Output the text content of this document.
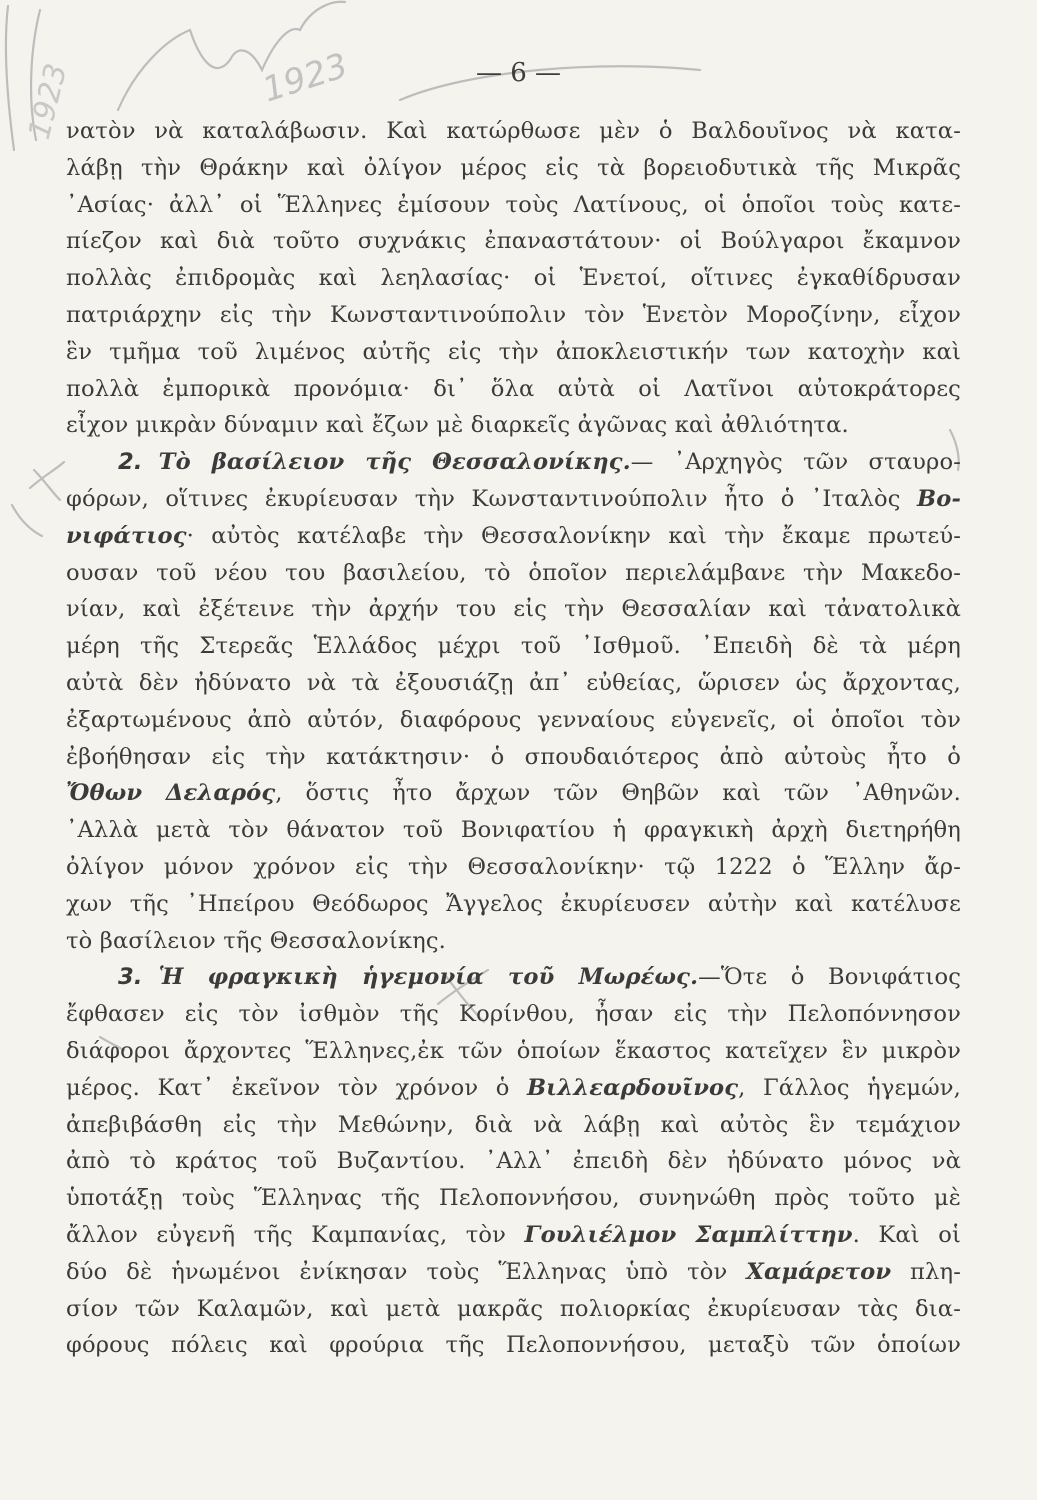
1923
1923	— 6 —
νατὸν νὰ καταλάβωσιν. Καὶ κατώρθωσε μὲν ὁ Βαλδουῖνος νὰ κατα-
λάβῃ τὴν Θράκην καὶ ὀλίγον μέρος εἰς τὰ βορειοδυτικὰ τῆς Μικρᾶς
᾿Ασίας· ἀλλ᾿ οἱ Ἕλληνες ἐμίσουν τοὺς Λατίνους, οἱ ὁποῖοι τοὺς κατε-
πίεζον καὶ διὰ τοῦτο συχνάκις ἐπαναστάτουν· οἱ Βούλγαροι ἔκαμνον
πολλὰς ἐπιδρομὰς καὶ λεηλασίας· οἱ Ἑνετοί, οἵτινες ἐγκαθίδρυσαν
πατριάρχην εἰς τὴν Κωνσταντινούπολιν τὸν Ἑνετὸν Μοροζίνην, εἶχον
ἓν τμῆμα τοῦ λιμένος αὐτῆς εἰς τὴν ἀποκλειστικήν των κατοχὴν καὶ
πολλὰ ἐμπορικὰ προνόμια· δι᾿ ὅλα αὐτὰ οἱ Λατῖνοι αὐτοκράτορες
εἶχον μικρὰν δύναμιν καὶ ἔζων μὲ διαρκεῖς ἀγῶνας καὶ ἀθλιότητα.
2. Τὸ βασίλειον τῆς Θεσσαλονίκης.— ᾿Αρχηγὸς τῶν σταυρο-
φόρων, οἵτινες ἐκυρίευσαν τὴν Κωνσταντινούπολιν ἦτο ὁ ᾿Ιταλὸς Βο-
νιφάτιος· αὐτὸς κατέλαβε τὴν Θεσσαλονίκην καὶ τὴν ἔκαμε πρωτεύ-
ουσαν τοῦ νέου του βασιλείου, τὸ ὁποῖον περιελάμβανε τὴν Μακεδο-
νίαν, καὶ ἐξέτεινε τὴν ἀρχήν του εἰς τὴν Θεσσαλίαν καὶ τἀνατολικὰ
μέρη τῆς Στερεᾶς Ἑλλάδος μέχρι τοῦ ᾿Ισθμοῦ. ᾿Επειδὴ δὲ τὰ μέρη
αὐτὰ δὲν ἠδύνατο νὰ τὰ ἐξουσιάζῃ ἀπ᾿ εὐθείας, ὥρισεν ὡς ἄρχοντας,
ἐξαρτωμένους ἀπὸ αὐτόν, διαφόρους γενναίους εὐγενεῖς, οἱ ὁποῖοι τὸν
ἐβοήθησαν εἰς τὴν κατάκτησιν· ὁ σπουδαιότερος ἀπὸ αὐτοὺς ἦτο ὁ
Ὄθων Δελαρός, ὅστις ἦτο ἄρχων τῶν Θηβῶν καὶ τῶν ᾿Αθηνῶν.
᾿Αλλὰ μετὰ τὸν θάνατον τοῦ Βονιφατίου ἡ φραγκικὴ ἀρχὴ διετηρήθη
ὀλίγον μόνον χρόνον εἰς τὴν Θεσσαλονίκην· τῷ 1222 ὁ Ἕλλην ἄρ-
χων τῆς ᾿Ηπείρου Θεόδωρος Ἄγγελος ἐκυρίευσεν αὐτὴν καὶ κατέλυσε
τὸ βασίλειον τῆς Θεσσαλονίκης.
3. Ἡ φραγκικὴ ἡγεμονία τοῦ Μωρέως.—Ὅτε ὁ Βονιφάτιος
ἔφθασεν εἰς τὸν ἰσθμὸν τῆς Κορίνθου, ἦσαν εἰς τὴν Πελοπόννησον
διάφοροι ἄρχοντες Ἕλληνες,ἐκ τῶν ὁποίων ἕκαστος κατεῖχεν ἓν μικρὸν
μέρος. Κατ᾿ ἐκεῖνον τὸν χρόνον ὁ Βιλλεαρδουῖνος, Γάλλος ἡγεμών,
ἀπεβιβάσθη εἰς τὴν Μεθώνην, διὰ νὰ λάβῃ καὶ αὐτὸς ἓν τεμάχιον
ἀπὸ τὸ κράτος τοῦ Βυζαντίου. ᾿Αλλ᾿ ἐπειδὴ δὲν ἠδύνατο μόνος νὰ
ὑποτάξῃ τοὺς Ἕλληνας τῆς Πελοποννήσου, συνηνώθη πρὸς τοῦτο μὲ
ἄλλον εὐγενῆ τῆς Καμπανίας, τὸν Γουλιέλμον Σαμπλίττην. Καὶ οἱ
δύο δὲ ἡνωμένοι ἐνίκησαν τοὺς Ἕλληνας ὑπὸ τὸν Χαμάρετον πλη-
σίον τῶν Καλαμῶν, καὶ μετὰ μακρᾶς πολιορκίας ἐκυρίευσαν τὰς δια-
φόρους πόλεις καὶ φρούρια τῆς Πελοποννήσου, μεταξὺ τῶν ὁποίων
